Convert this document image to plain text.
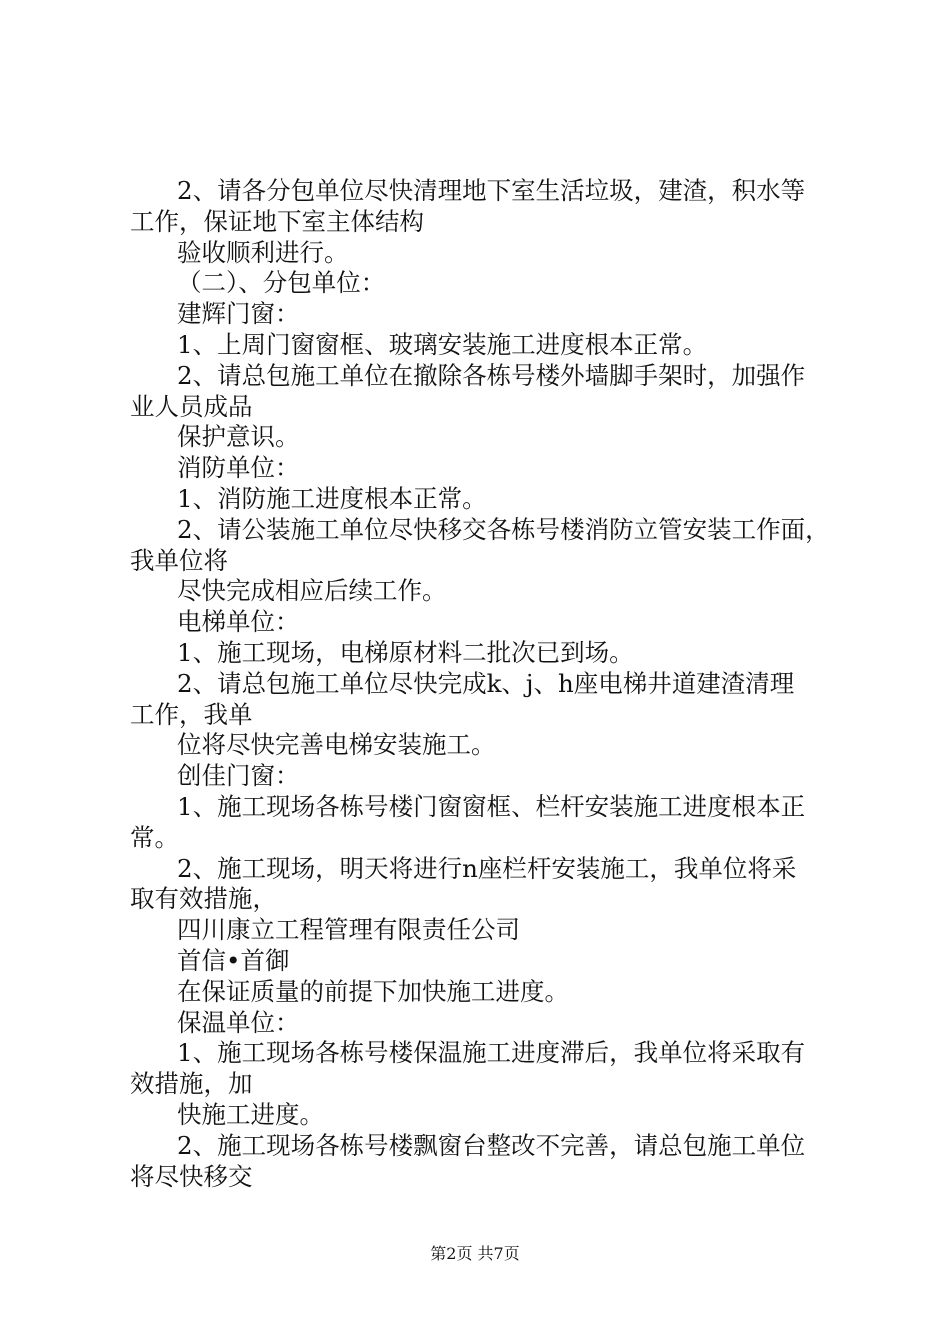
2、请各分包单位尽快清理地下室生活垃圾，建渣，积水等
工作，保证地下室主体结构
验收顺利进行。
（二）、分包单位：
建辉门窗：
1、上周门窗窗框、玻璃安装施工进度根本正常。
2、请总包施工单位在撤除各栋号楼外墙脚手架时，加强作
业人员成品
保护意识。
消防单位：
1、消防施工进度根本正常。
2、请公装施工单位尽快移交各栋号楼消防立管安装工作面，
我单位将
尽快完成相应后续工作。
电梯单位：
1、施工现场，电梯原材料二批次已到场。
2、请总包施工单位尽快完成k、j、h座电梯井道建渣清理
工作，我单
位将尽快完善电梯安装施工。
创佳门窗：
1、施工现场各栋号楼门窗窗框、栏杆安装施工进度根本正
常。
2、施工现场，明天将进行n座栏杆安装施工，我单位将采
取有效措施，
四川康立工程管理有限责任公司
首信•首御
在保证质量的前提下加快施工进度。
保温单位：
1、施工现场各栋号楼保温施工进度滞后，我单位将采取有
效措施，加
快施工进度。
2、施工现场各栋号楼飘窗台整改不完善，请总包施工单位
将尽快移交
第2页 共7页
